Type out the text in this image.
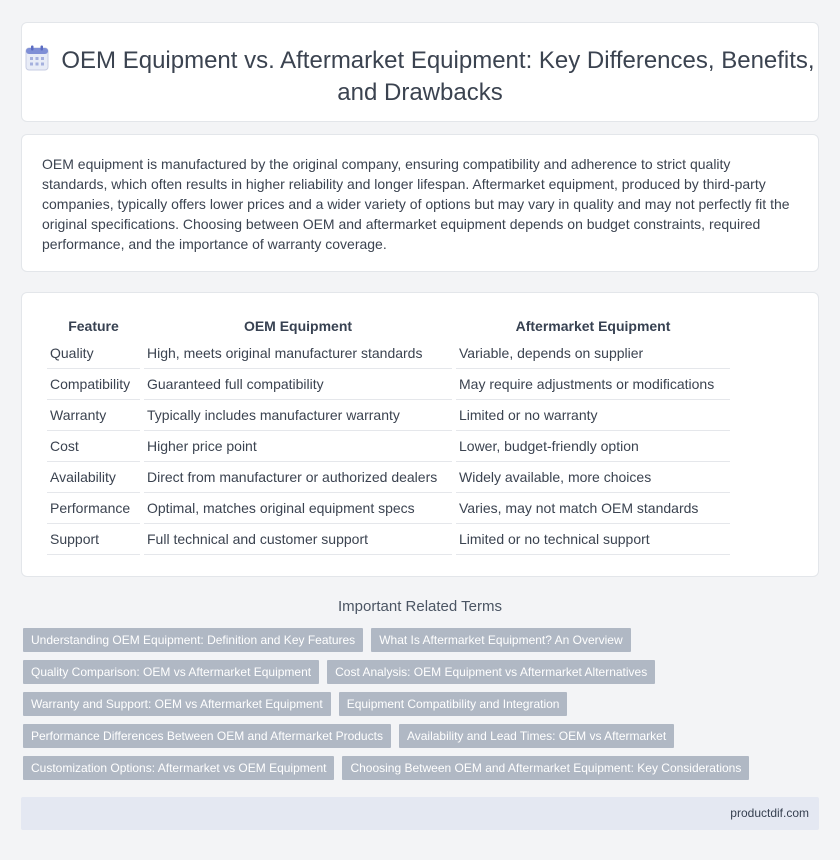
OEM Equipment vs. Aftermarket Equipment: Key Differences, Benefits, and Drawbacks

OEM equipment is manufactured by the original company, ensuring compatibility and adherence to strict quality standards, which often results in higher reliability and longer lifespan. Aftermarket equipment, produced by third-party companies, typically offers lower prices and a wider variety of options but may vary in quality and may not perfectly fit the original specifications. Choosing between OEM and aftermarket equipment depends on budget constraints, required performance, and the importance of warranty coverage.

Feature	OEM Equipment	Aftermarket Equipment
Quality	High, meets original manufacturer standards	Variable, depends on supplier
Compatibility	Guaranteed full compatibility	May require adjustments or modifications
Warranty	Typically includes manufacturer warranty	Limited or no warranty
Cost	Higher price point	Lower, budget-friendly option
Availability	Direct from manufacturer or authorized dealers	Widely available, more choices
Performance	Optimal, matches original equipment specs	Varies, may not match OEM standards
Support	Full technical and customer support	Limited or no technical support
Important Related Terms
Understanding OEM Equipment: Definition and Key Features	What Is Aftermarket Equipment? An Overview
Quality Comparison: OEM vs Aftermarket Equipment	Cost Analysis: OEM Equipment vs Aftermarket Alternatives
Warranty and Support: OEM vs Aftermarket Equipment	Equipment Compatibility and Integration
Performance Differences Between OEM and Aftermarket Products	Availability and Lead Times: OEM vs Aftermarket
Customization Options: Aftermarket vs OEM Equipment	Choosing Between OEM and Aftermarket Equipment: Key Considerations
productdif.com
